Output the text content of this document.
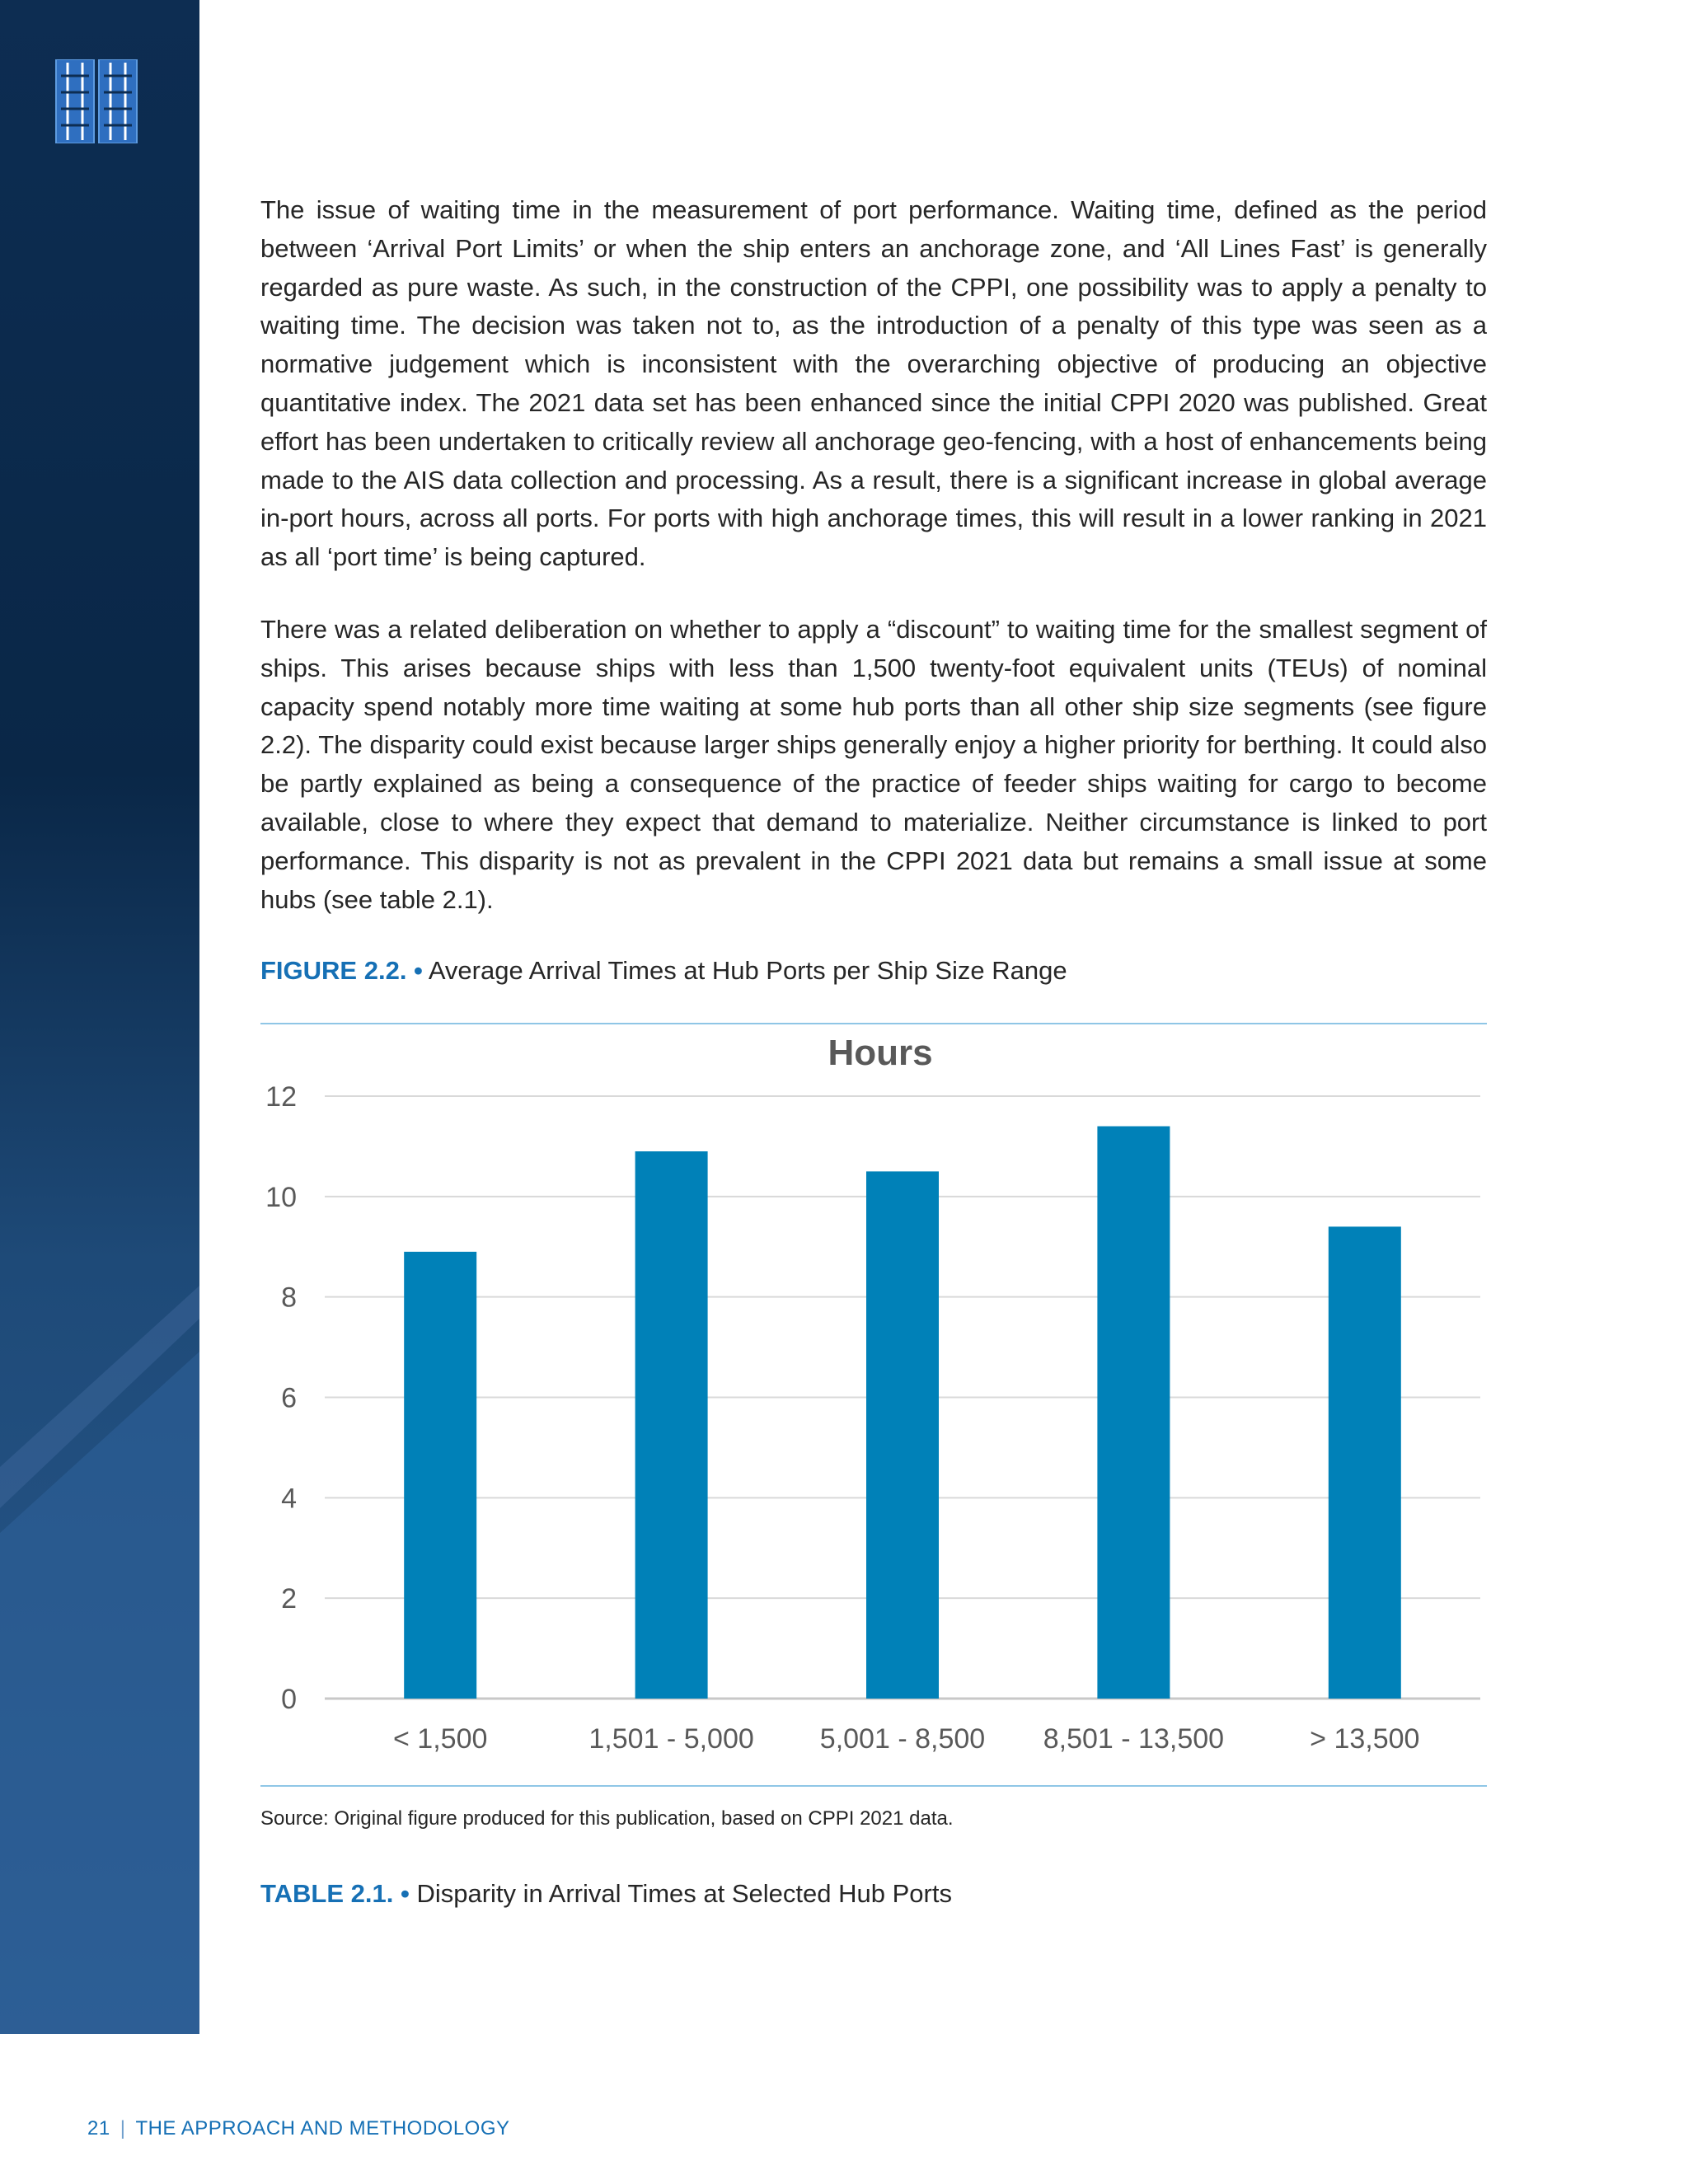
The issue of waiting time in the measurement of port performance. Waiting time, defined as the period between ‘Arrival Port Limits’ or when the ship enters an anchorage zone, and ‘All Lines Fast’ is generally regarded as pure waste. As such, in the construction of the CPPI, one possibility was to apply a penalty to waiting time. The decision was taken not to, as the introduction of a penalty of this type was seen as a normative judgement which is inconsistent with the overarching objective of producing an objective quantitative index. The 2021 data set has been enhanced since the initial CPPI 2020 was published. Great effort has been undertaken to critically review all anchorage geo-fencing, with a host of enhancements being made to the AIS data collection and processing. As a result, there is a significant increase in global average in-port hours, across all ports. For ports with high anchorage times, this will result in a lower ranking in 2021 as all ‘port time’ is being captured.

There was a related deliberation on whether to apply a “discount” to waiting time for the smallest segment of ships. This arises because ships with less than 1,500 twenty-foot equivalent units (TEUs) of nominal capacity spend notably more time waiting at some hub ports than all other ship size segments (see figure 2.2). The disparity could exist because larger ships generally enjoy a higher priority for berthing. It could also be partly explained as being a consequence of the practice of feeder ships waiting for cargo to become available, close to where they expect that demand to materialize. Neither circumstance is linked to port performance. This disparity is not as prevalent in the CPPI 2021 data but remains a small issue at some hubs (see table 2.1).

FIGURE 2.2. • Average Arrival Times at Hub Ports per Ship Size Range
Hours
0
2
4
6
8
10
12
< 1,500	1,501 - 5,000 5,001 - 8,500 8,501 - 13,500	> 13,500
Source: Original figure produced for this publication, based on CPPI 2021 data.
TABLE 2.1. • Disparity in Arrival Times at Selected Hub Ports
21 | THE APPROACH AND METHODOLOGY
